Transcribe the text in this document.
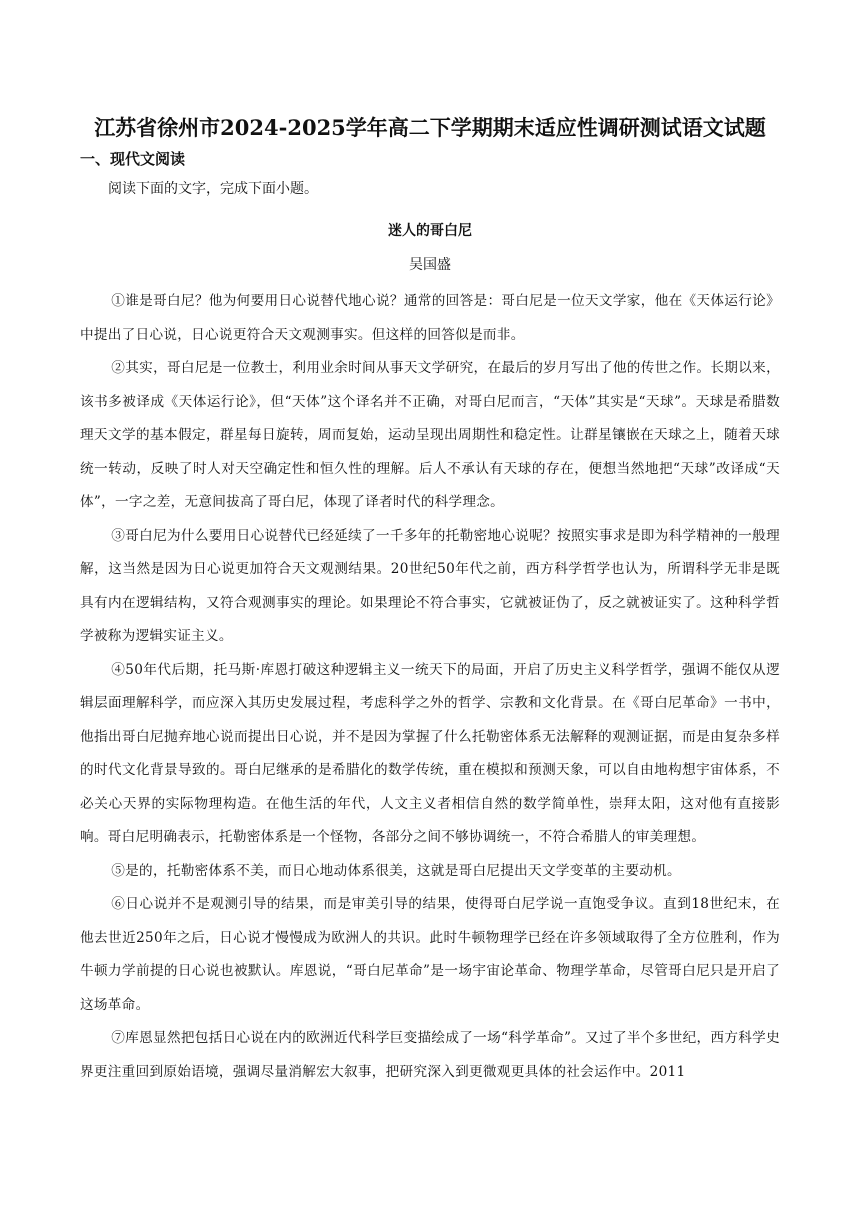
江苏省徐州市2024-2025学年高二下学期期末适应性调研测试语文试题
一、现代文阅读
阅读下面的文字，完成下面小题。
迷人的哥白尼
吴国盛

①谁是哥白尼？他为何要用日心说替代地心说？通常的回答是：哥白尼是一位天文学家，他在《天体运行论》中提出了日心说，日心说更符合天文观测事实。但这样的回答似是而非。

②其实，哥白尼是一位教士，利用业余时间从事天文学研究，在最后的岁月写出了他的传世之作。长期以来，该书多被译成《天体运行论》，但“天体”这个译名并不正确，对哥白尼而言，“天体”其实是“天球”。天球是希腊数理天文学的基本假定，群星每日旋转，周而复始，运动呈现出周期性和稳定性。让群星镶嵌在天球之上，随着天球统一转动，反映了时人对天空确定性和恒久性的理解。后人不承认有天球的存在，便想当然地把“天球”改译成“天体”，一字之差，无意间拔高了哥白尼，体现了译者时代的科学理念。

③哥白尼为什么要用日心说替代已经延续了一千多年的托勒密地心说呢？按照实事求是即为科学精神的一般理解，这当然是因为日心说更加符合天文观测结果。20世纪50年代之前，西方科学哲学也认为，所谓科学无非是既具有内在逻辑结构，又符合观测事实的理论。如果理论不符合事实，它就被证伪了，反之就被证实了。这种科学哲学被称为逻辑实证主义。

④50年代后期，托马斯·库恩打破这种逻辑主义一统天下的局面，开启了历史主义科学哲学，强调不能仅从逻辑层面理解科学，而应深入其历史发展过程，考虑科学之外的哲学、宗教和文化背景。在《哥白尼革命》一书中，他指出哥白尼抛弃地心说而提出日心说，并不是因为掌握了什么托勒密体系无法解释的观测证据，而是由复杂多样的时代文化背景导致的。哥白尼继承的是希腊化的数学传统，重在模拟和预测天象，可以自由地构想宇宙体系，不必关心天界的实际物理构造。在他生活的年代，人文主义者相信自然的数学简单性，崇拜太阳，这对他有直接影响。哥白尼明确表示，托勒密体系是一个怪物，各部分之间不够协调统一，不符合希腊人的审美理想。

⑤是的，托勒密体系不美，而日心地动体系很美，这就是哥白尼提出天文学变革的主要动机。

⑥日心说并不是观测引导的结果，而是审美引导的结果，使得哥白尼学说一直饱受争议。直到18世纪末，在他去世近250年之后，日心说才慢慢成为欧洲人的共识。此时牛顿物理学已经在许多领域取得了全方位胜利，作为牛顿力学前提的日心说也被默认。库恩说，“哥白尼革命”是一场宇宙论革命、物理学革命，尽管哥白尼只是开启了这场革命。

⑦库恩显然把包括日心说在内的欧洲近代科学巨变描绘成了一场“科学革命”。又过了半个多世纪，西方科学史界更注重回到原始语境，强调尽量消解宏大叙事，把研究深入到更微观更具体的社会运作中。2011
